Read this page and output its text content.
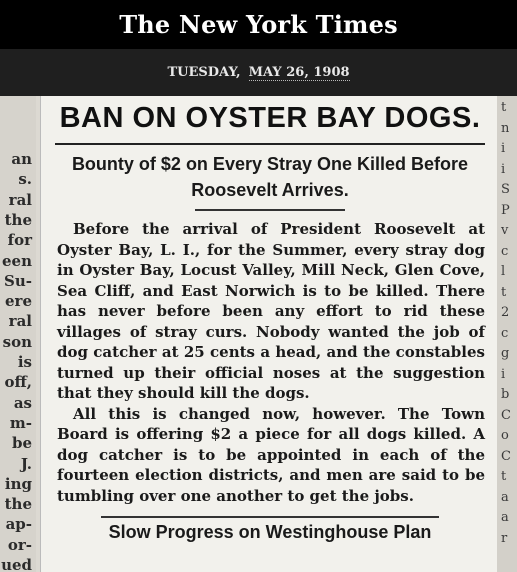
The New York Times
TUESDAY, MAY 26, 1908
an
s.
ral
the
for
een
Su-
ere
ral
son
is
off,
as
m-
be
J.
ing
the
ap-
or-
ued
BAN ON OYSTER BAY DOGS.
Bounty of $2 on Every Stray One Killed Before Roosevelt Arrives.

Before the arrival of President Roosevelt at Oyster Bay, L. I., for the Summer, every stray dog in Oyster Bay, Locust Valley, Mill Neck, Glen Cove, Sea Cliff, and East Norwich is to be killed. There has never before been any effort to rid these villages of stray curs. Nobody wanted the job of dog catcher at 25 cents a head, and the constables turned up their official noses at the suggestion that they should kill the dogs.

All this is changed now, however. The Town Board is offering $2 a piece for all dogs killed. A dog catcher is to be appointed in each of the fourteen election districts, and men are said to be tumbling over one another to get the jobs.

Slow Progress on Westinghouse Plan
t
n
i
i
S
P
v
c
l
t
2
c
g
i
b
C
o
C
t
a
a
r
